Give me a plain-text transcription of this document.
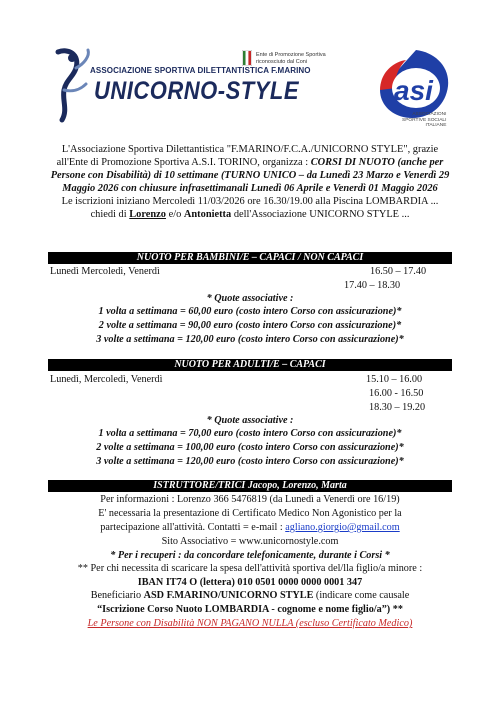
ASSOCIAZIONE SPORTIVA DILETTANTISTICA F.MARINO
UNICORNO-STYLE
Ente di Promozione Sportiva
riconosciuto dal Coni
asi
ASSOCIAZIONI
SPORTIVE SOCIALI
ITALIANE
L'Associazione Sportiva Dilettantistica "F.MARINO/F.C.A./UNICORNO STYLE", grazie all'Ente di Promozione Sportiva A.S.I. TORINO, organizza : CORSI DI NUOTO (anche per Persone con Disabilità) di 10 settimane (TURNO UNICO – da Lunedì 23 Marzo e Venerdì 29 Maggio 2026 con chiusure infrasettimanali Lunedì 06 Aprile e Venerdì 01 Maggio 2026
Le iscrizioni iniziano Mercoledì 11/03/2026 ore 16.30/19.00 alla Piscina LOMBARDIA ... chiedi di Lorenzo e/o Antonietta dell'Associazione UNICORNO STYLE ...
NUOTO PER BAMBINI/E – CAPACI / NON CAPACI
Lunedì Mercoledì, Venerdì	16.50 – 17.40
17.40 – 18.30
* Quote associative :
1 volta a settimana = 60,00 euro (costo intero Corso con assicurazione)*
2 volte a settimana = 90,00 euro (costo intero Corso con assicurazione)*
3 volte a settimana = 120,00 euro (costo intero Corso con assicurazione)*
NUOTO PER ADULTI/E – CAPACI
Lunedì, Mercoledì, Venerdì	15.10 – 16.00
16.00 - 16.50
18.30 – 19.20
* Quote associative :
1 volta a settimana = 70,00 euro (costo intero Corso con assicurazione)*
2 volte a settimana = 100,00 euro (costo intero Corso con assicurazione)*
3 volte a settimana = 120,00 euro (costo intero Corso con assicurazione)*
ISTRUTTORE/TRICI Jacopo, Lorenzo, Marta
Per informazioni : Lorenzo 366 5476819 (da Lunedì a Venerdì ore 16/19)
E' necessaria la presentazione di Certificato Medico Non Agonistico per la
partecipazione all'attività. Contatti = e-mail : agliano.giorgio@gmail.com
Sito Associativo = www.unicornostyle.com
* Per i recuperi : da concordare telefonicamente, durante i Corsi *
** Per chi necessita di scaricare la spesa dell'attività sportiva del/lla figlio/a minore :
IBAN IT74 O (lettera) 010 0501 0000 0000 0001 347
Beneficiario ASD F.MARINO/UNICORNO STYLE (indicare come causale
“Iscrizione Corso Nuoto LOMBARDIA - cognome e nome figlio/a”) **
Le Persone con Disabilità NON PAGANO NULLA (escluso Certificato Medico)
